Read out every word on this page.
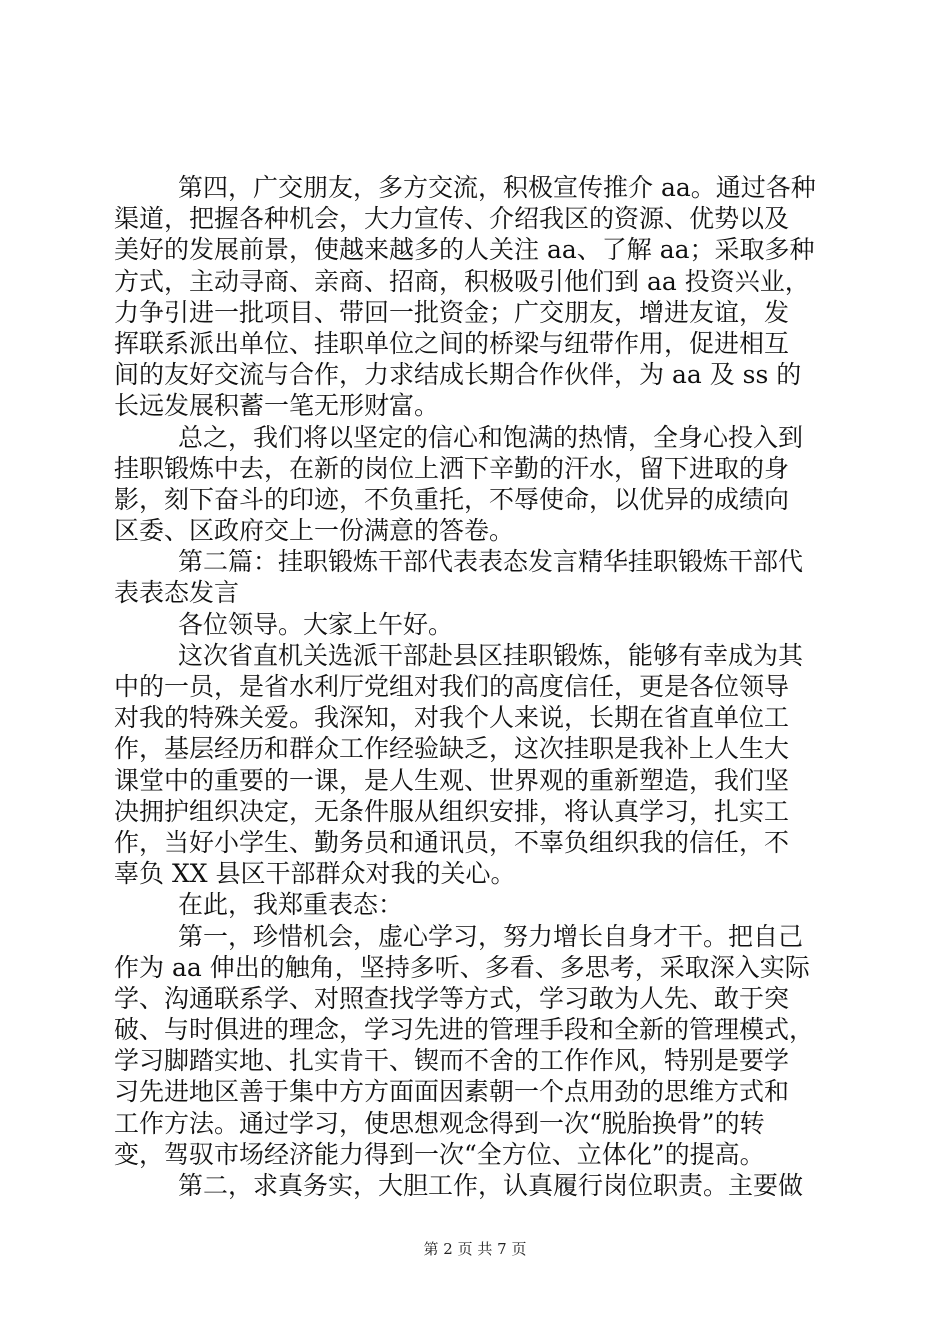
第四，广交朋友，多方交流，积极宣传推介 aa。通过各种
渠道，把握各种机会，大力宣传、介绍我区的资源、优势以及
美好的发展前景，使越来越多的人关注 aa、了解 aa；采取多种
方式，主动寻商、亲商、招商，积极吸引他们到 aa 投资兴业，
力争引进一批项目、带回一批资金；广交朋友，增进友谊，发
挥联系派出单位、挂职单位之间的桥梁与纽带作用，促进相互
间的友好交流与合作，力求结成长期合作伙伴，为 aa 及 ss 的
长远发展积蓄一笔无形财富。
总之，我们将以坚定的信心和饱满的热情，全身心投入到
挂职锻炼中去，在新的岗位上洒下辛勤的汗水，留下进取的身
影，刻下奋斗的印迹，不负重托，不辱使命，以优异的成绩向
区委、区政府交上一份满意的答卷。
第二篇：挂职锻炼干部代表表态发言精华挂职锻炼干部代
表表态发言
各位领导。大家上午好。
这次省直机关选派干部赴县区挂职锻炼，能够有幸成为其
中的一员，是省水利厅党组对我们的高度信任，更是各位领导
对我的特殊关爱。我深知，对我个人来说，长期在省直单位工
作，基层经历和群众工作经验缺乏，这次挂职是我补上人生大
课堂中的重要的一课，是人生观、世界观的重新塑造，我们坚
决拥护组织决定，无条件服从组织安排，将认真学习，扎实工
作，当好小学生、勤务员和通讯员，不辜负组织我的信任，不
辜负 XX 县区干部群众对我的关心。
在此，我郑重表态：
第一，珍惜机会，虚心学习，努力增长自身才干。把自己
作为 aa 伸出的触角，坚持多听、多看、多思考，采取深入实际
学、沟通联系学、对照查找学等方式，学习敢为人先、敢于突
破、与时俱进的理念，学习先进的管理手段和全新的管理模式，
学习脚踏实地、扎实肯干、锲而不舍的工作作风，特别是要学
习先进地区善于集中方方面面因素朝一个点用劲的思维方式和
工作方法。通过学习，使思想观念得到一次“脱胎换骨”的转
变，驾驭市场经济能力得到一次“全方位、立体化”的提高。
第二，求真务实，大胆工作，认真履行岗位职责。主要做
第 2 页 共 7 页
